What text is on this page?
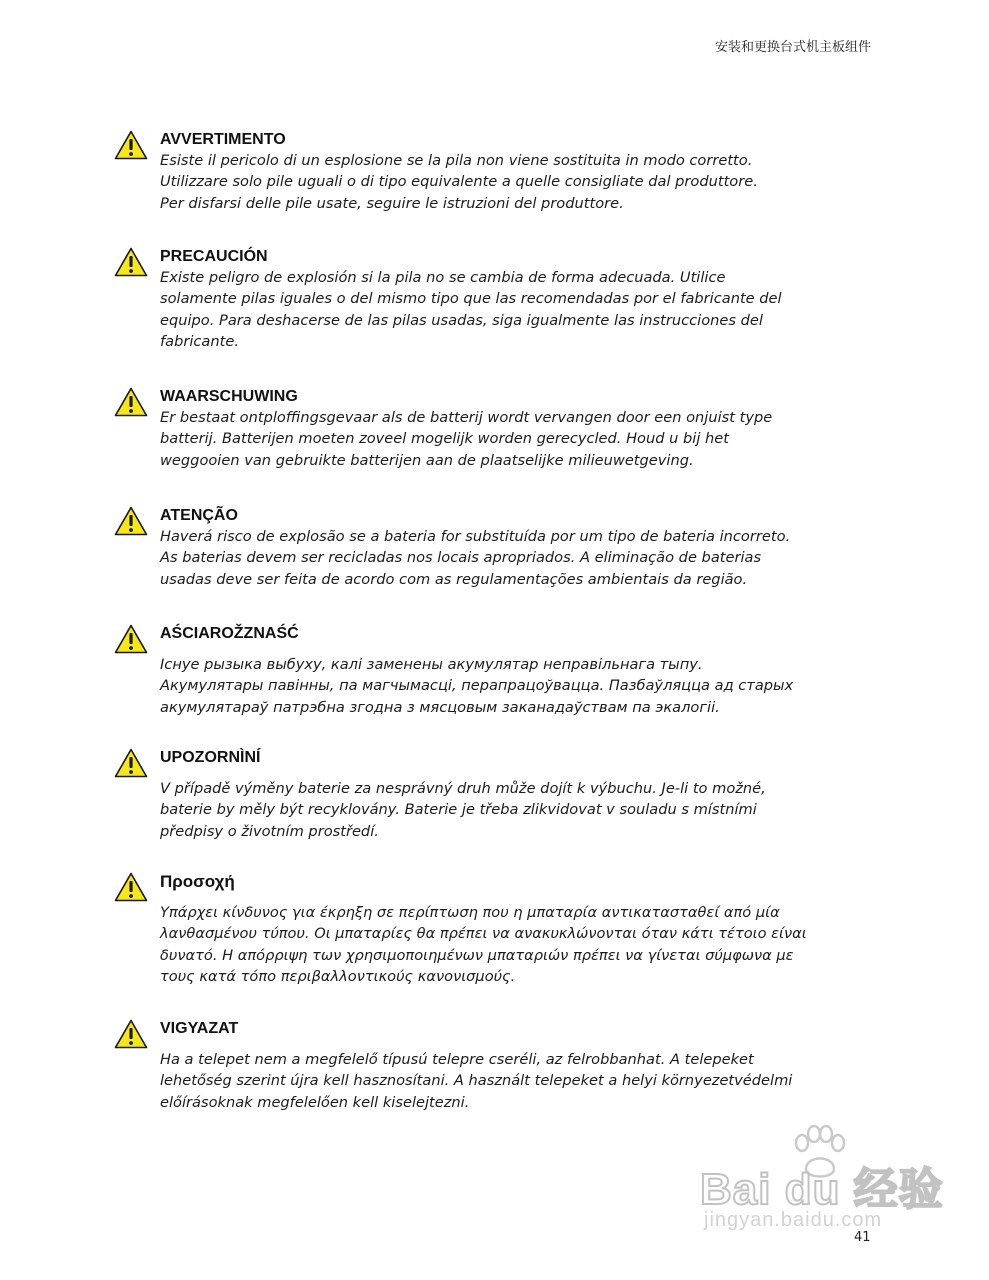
安装和更换台式机主板组件
AVVERTIMENTO

Esiste il pericolo di un esplosione se la pila non viene sostituita in modo corretto.
Utilizzare solo pile uguali o di tipo equivalente a quelle consigliate dal produttore.
Per disfarsi delle pile usate, seguire le istruzioni del produttore.

PRECAUCIÓN

Existe peligro de explosión si la pila no se cambia de forma adecuada. Utilice
solamente pilas iguales o del mismo tipo que las recomendadas por el fabricante del
equipo. Para deshacerse de las pilas usadas, siga igualmente las instrucciones del
fabricante.

WAARSCHUWING

Er bestaat ontploffingsgevaar als de batterij wordt vervangen door een onjuist type
batterij. Batterijen moeten zoveel mogelijk worden gerecycled. Houd u bij het
weggooien van gebruikte batterijen aan de plaatselijke milieuwetgeving.

ATENÇÃO

Haverá risco de explosão se a bateria for substituída por um tipo de bateria incorreto.
As baterias devem ser recicladas nos locais apropriados. A eliminação de baterias
usadas deve ser feita de acordo com as regulamentações ambientais da região.

AŚCIAROŽZNAŚĆ

Існуе рызыка выбуху, калі заменены акумулятар неправільнага тыпу.
Акумулятары павінны, па магчымасці, перапрацоўвацца. Пазбаўляцца ад старых
акумулятараў патрэбна згодна з мясцовым заканадаўствам па экалогіі.

UPOZORNÌNÍ

V případě výměny baterie za nesprávný druh může dojít k výbuchu. Je-li to možné,
baterie by měly být recyklovány. Baterie je třeba zlikvidovat v souladu s místními
předpisy o životním prostředí.

Προσοχή

Υπάρχει κίνδυνος για έκρηξη σε περίπτωση που η μπαταρία αντικατασταθεί από μία
λανθασμένου τύπου. Οι μπαταρίες θα πρέπει να ανακυκλώνονται όταν κάτι τέτοιο είναι
δυνατό. Η απόρριψη των χρησιμοποιημένων μπαταριών πρέπει να γίνεται σύμφωνα με
τους κατά τόπο περιβαλλοντικούς κανονισμούς.

VIGYAZAT

Ha a telepet nem a megfelelő típusú telepre cseréli, az felrobbanhat. A telepeket
lehetőség szerint újra kell hasznosítani. A használt telepeket a helyi környezetvédelmi
előírásoknak megfelelően kell kiselejtezni.

Bai du 经验
jingyan.baidu.com
41
